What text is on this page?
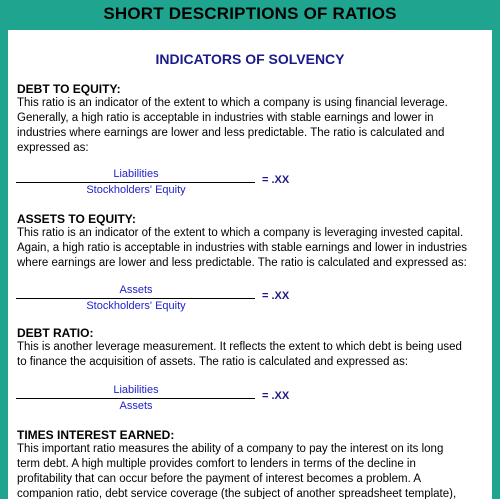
SHORT DESCRIPTIONS OF RATIOS
INDICATORS OF SOLVENCY
DEBT TO EQUITY:
This ratio is an indicator of the extent to which a company is using financial leverage.
Generally, a high ratio is acceptable in industries with stable earnings and lower in
industries where earnings are lower and less predictable. The ratio is calculated and
expressed as:
Liabilities
Stockholders' Equity
= .XX
ASSETS TO EQUITY:
This ratio is an indicator of the extent to which a company is leveraging invested capital.
Again, a high ratio is acceptable in industries with stable earnings and lower in industries
where earnings are lower and less predictable. The ratio is calculated and expressed as:
Assets
Stockholders' Equity
= .XX
DEBT RATIO:
This is another leverage measurement. It reflects the extent to which debt is being used
to finance the acquisition of assets. The ratio is calculated and expressed as:
Liabilities
Assets
= .XX
TIMES INTEREST EARNED:
This important ratio measures the ability of a company to pay the interest on its long
term debt. A high multiple provides comfort to lenders in terms of the decline in
profitability that can occur before the payment of interest becomes a problem. A
companion ratio, debt service coverage (the subject of another spreadsheet template),
